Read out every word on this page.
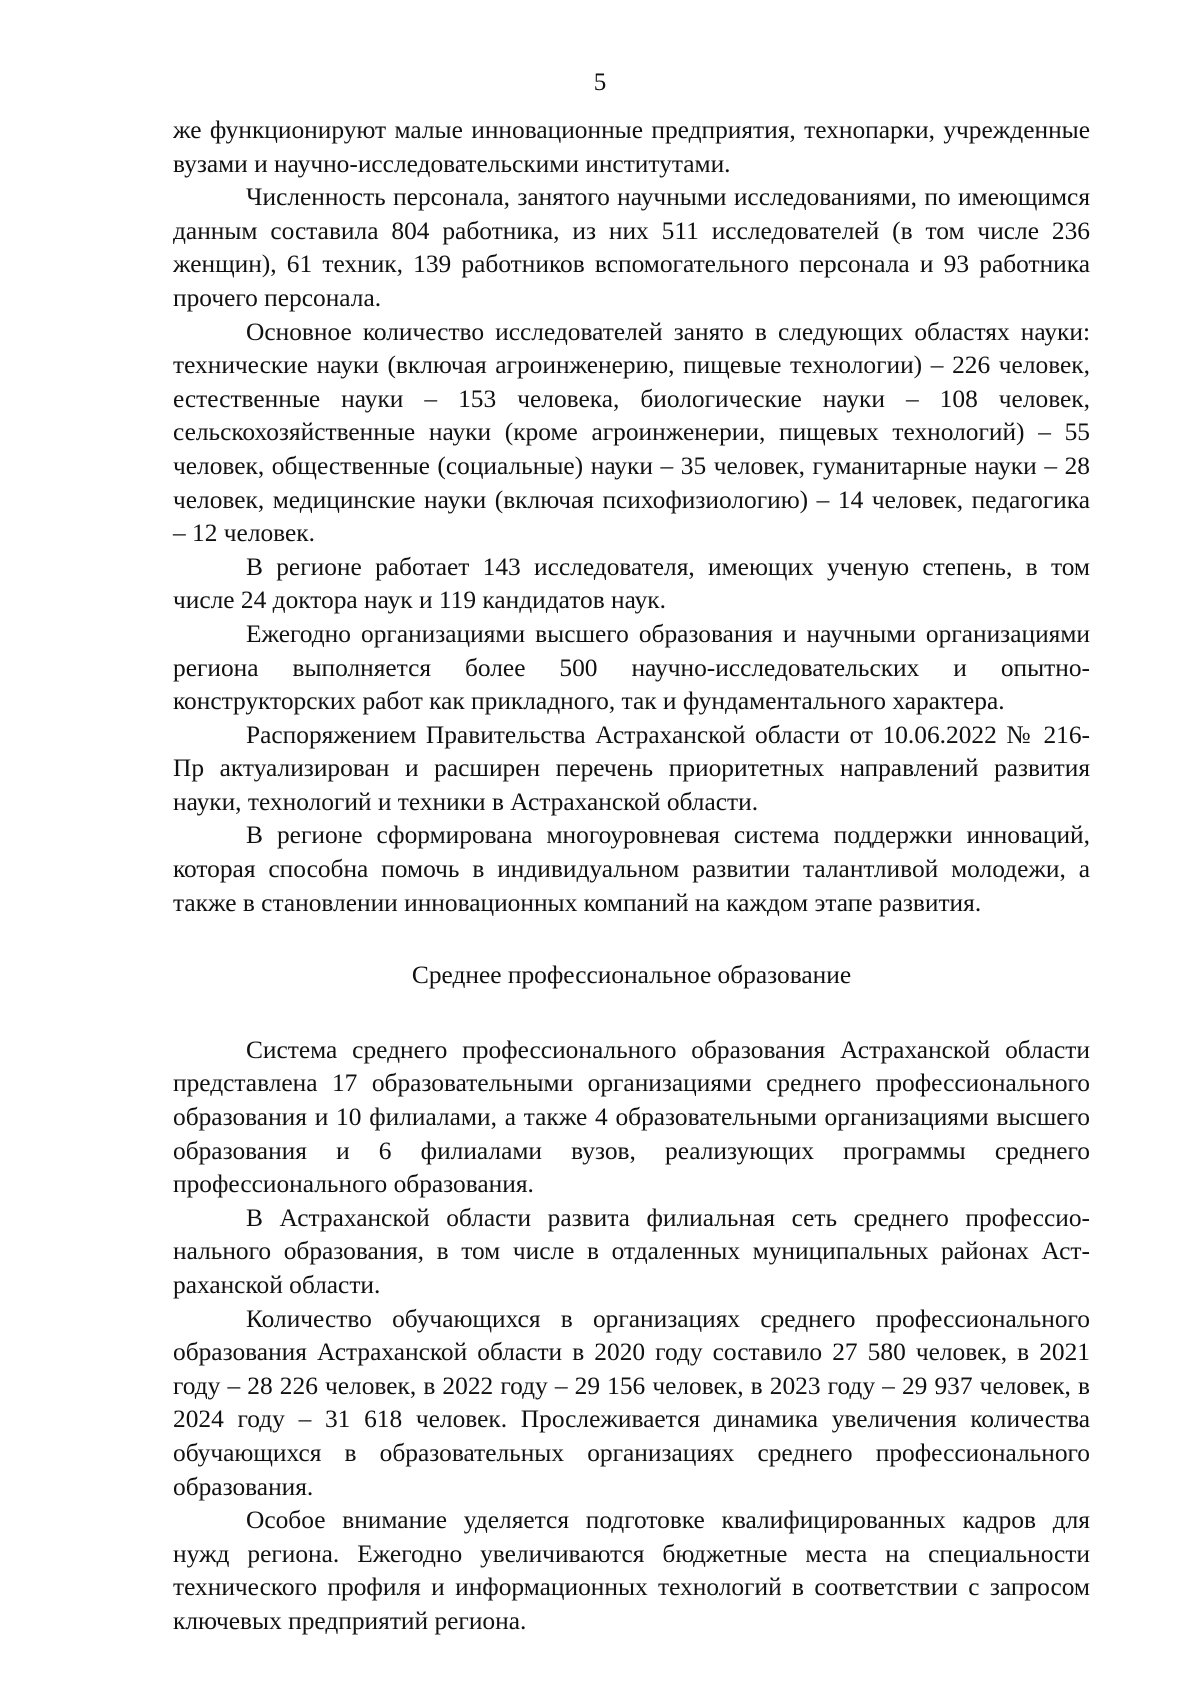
5

же функционируют малые инновационные предприятия, технопарки, учрежденные вузами и научно-исследовательскими институтами.

Численность персонала, занятого научными исследованиями, по имеющимся данным составила 804 работника, из них 511 исследователей (в том числе 236 женщин), 61 техник, 139 работников вспомогательного персонала и 93 работника прочего персонала.

Основное количество исследователей занято в следующих областях науки: технические науки (включая агроинженерию, пищевые технологии) – 226 человек, естественные науки – 153 человека, биологические науки – 108 человек, сельскохозяйственные науки (кроме агроинженерии, пищевых технологий) – 55 человек, общественные (социальные) науки – 35 человек, гуманитарные науки – 28 человек, медицинские науки (включая психофизиологию) – 14 человек, педагогика – 12 человек.

В регионе работает 143 исследователя, имеющих ученую степень, в том числе 24 доктора наук и 119 кандидатов наук.

Ежегодно организациями высшего образования и научными организациями региона выполняется более 500 научно-исследовательских и опытно-конструкторских работ как прикладного, так и фундаментального характера.

Распоряжением Правительства Астраханской области от 10.06.2022 № 216-Пр актуализирован и расширен перечень приоритетных направлений развития науки, технологий и техники в Астраханской области.

В регионе сформирована многоуровневая система поддержки инноваций, которая способна помочь в индивидуальном развитии талантливой молодежи, а также в становлении инновационных компаний на каждом этапе развития.

Среднее профессиональное образование

Система среднего профессионального образования Астраханской области представлена 17 образовательными организациями среднего профессионального образования и 10 филиалами, а также 4 образовательными организациями высшего образования и 6 филиалами вузов, реализующих программы среднего профессионального образования.

В Астраханской области развита филиальная сеть среднего профессионального образования, в том числе в отдаленных муниципальных районах Астраханской области.

Количество обучающихся в организациях среднего профессионального образования Астраханской области в 2020 году составило 27 580 человек, в 2021 году – 28 226 человек, в 2022 году – 29 156 человек, в 2023 году – 29 937 человек, в 2024 году – 31 618 человек. Прослеживается динамика увеличения количества обучающихся в образовательных организациях среднего профессионального образования.

Особое внимание уделяется подготовке квалифицированных кадров для нужд региона. Ежегодно увеличиваются бюджетные места на специальности технического профиля и информационных технологий в соответствии с запросом ключевых предприятий региона.
